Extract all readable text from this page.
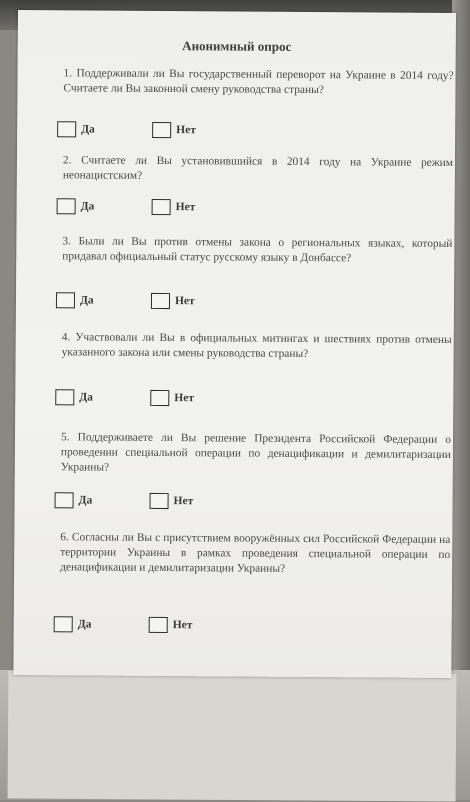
Анонимный опрос
1. Поддерживали ли Вы государственный переворот на Украине в 2014 году? Считаете ли Вы законной смену руководства страны?
Да	Нет
2. Считаете ли Вы установившийся в 2014 году на Украине режим неонацистским?
Да	Нет
3. Были ли Вы против отмены закона о региональных языках, который придавал официальный статус русскому языку в Донбассе?
Да	Нет
4. Участвовали ли Вы в официальных митингах и шествиях против отмены указанного закона или смены руководства страны?
Да	Нет
5. Поддерживаете ли Вы решение Президента Российской Федерации о проведении специальной операции по денацификации и демилитаризации Украины?
Да	Нет
6. Согласны ли Вы с присутствием вооружённых сил Российской Федерации на территории Украины в рамках проведения специальной операции по денацификации и демилитаризации Украины?
Да	Нет
